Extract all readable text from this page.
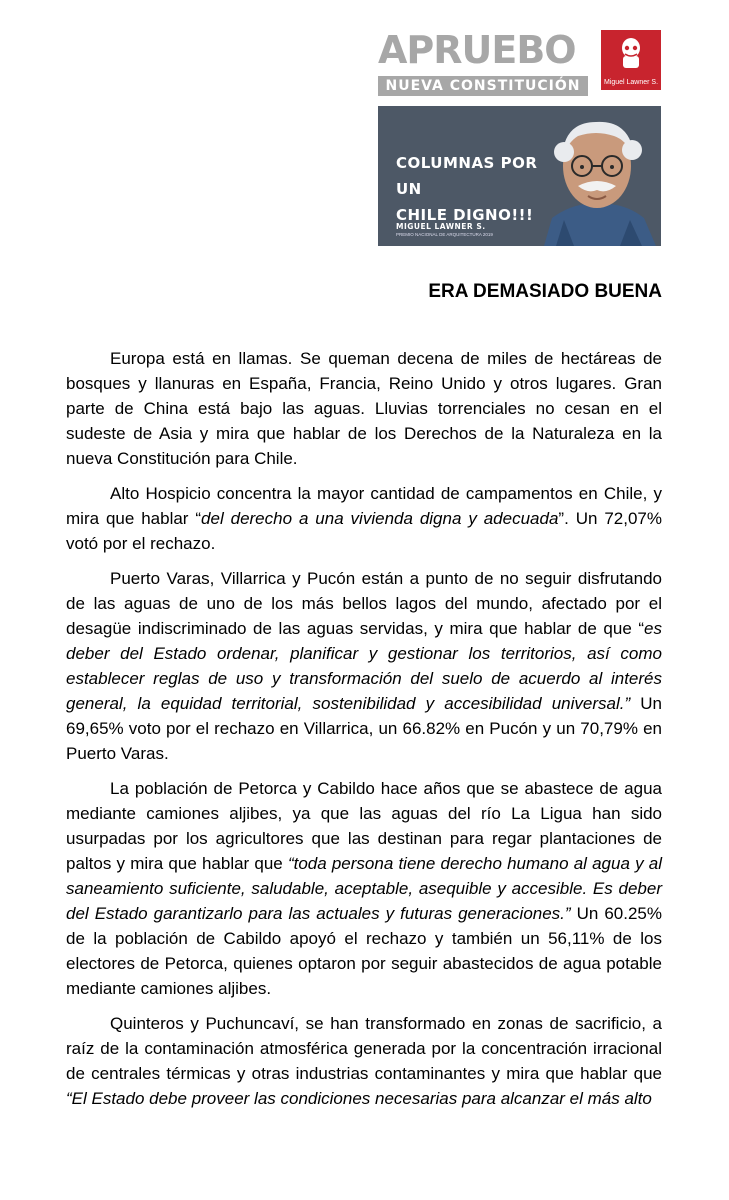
APRUEBO
NUEVA CONSTITUCIÓN	Miguel Lawner S.
COLUMNAS POR UN
CHILE DIGNO!!!
MIGUEL LAWNER S.
PREMIO NACIONAL DE ARQUITECTURA 2019
ERA DEMASIADO BUENA

Europa está en llamas. Se queman decena de miles de hectáreas de bosques y llanuras en España, Francia, Reino Unido y otros lugares. Gran parte de China está bajo las aguas. Lluvias torrenciales no cesan en el sudeste de Asia y mira que hablar de los Derechos de la Naturaleza en la nueva Constitución para Chile.

Alto Hospicio concentra la mayor cantidad de campamentos en Chile, y mira que hablar “del derecho a una vivienda digna y adecuada”. Un 72,07% votó por el rechazo.

Puerto Varas, Villarrica y Pucón están a punto de no seguir disfrutando de las aguas de uno de los más bellos lagos del mundo, afectado por el desagüe indiscriminado de las aguas servidas, y mira que hablar de que “es deber del Estado ordenar, planificar y gestionar los territorios, así como establecer reglas de uso y transformación del suelo de acuerdo al interés general, la equidad territorial, sostenibilidad y accesibilidad universal.” Un 69,65% voto por el rechazo en Villarrica, un 66.82% en Pucón y un 70,79% en Puerto Varas.

La población de Petorca y Cabildo hace años que se abastece de agua mediante camiones aljibes, ya que las aguas del río La Ligua han sido usurpadas por los agricultores que las destinan para regar plantaciones de paltos y mira que hablar que “toda persona tiene derecho humano al agua y al saneamiento suficiente, saludable, aceptable, asequible y accesible. Es deber del Estado garantizarlo para las actuales y futuras generaciones.” Un 60.25% de la población de Cabildo apoyó el rechazo y también un 56,11% de los electores de Petorca, quienes optaron por seguir abastecidos de agua potable mediante camiones aljibes.

Quinteros y Puchuncaví, se han transformado en zonas de sacrificio, a raíz de la contaminación atmosférica generada por la concentración irracional de centrales térmicas y otras industrias contaminantes y mira que hablar que “El Estado debe proveer las condiciones necesarias para alcanzar el más alto
